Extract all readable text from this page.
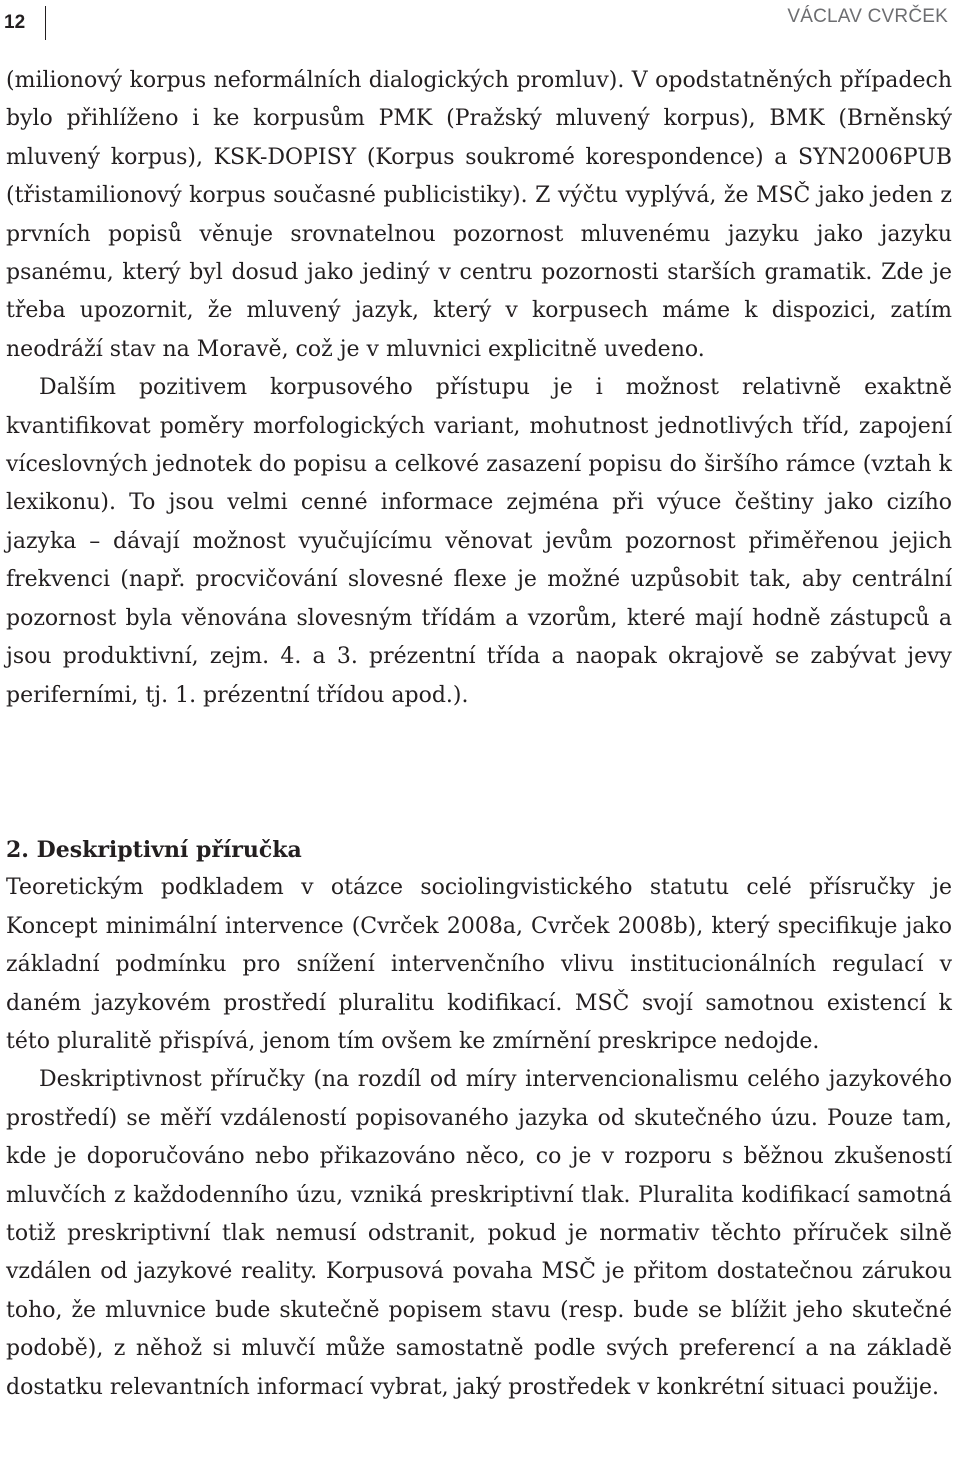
12	VÁCLAV CVRČEK

(milionový korpus neformálních dialogických promluv). V opodstatněných případech bylo přihlíženo i ke korpusům PMK (Pražský mluvený korpus), BMK (Brněnský mluvený korpus), KSK-DOPISY (Korpus soukromé korespondence) a SYN2006PUB (třistamilionový korpus současné publicistiky). Z výčtu vyplývá, že MSČ jako jeden z prvních popisů věnuje srovnatelnou pozornost mluvenému jazyku jako jazyku psanému, který byl dosud jako jediný v centru pozornosti starších gramatik. Zde je třeba upozornit, že mluvený jazyk, který v korpusech máme k dispozici, zatím neodráží stav na Moravě, což je v mluvnici explicitně uvedeno.

Dalším pozitivem korpusového přístupu je i možnost relativně exaktně kvantifikovat poměry morfologických variant, mohutnost jednotlivých tříd, zapojení víceslovných jednotek do popisu a celkové zasazení popisu do širšího rámce (vztah k lexikonu). To jsou velmi cenné informace zejména při výuce češtiny jako cizího jazyka – dávají možnost vyučujícímu věnovat jevům pozornost přiměřenou jejich frekvenci (např. procvičování slovesné flexe je možné uzpůsobit tak, aby centrální pozornost byla věnována slovesným třídám a vzorům, které mají hodně zástupců a jsou produktivní, zejm. 4. a 3. prézentní třída a naopak okrajově se zabývat jevy periferními, tj. 1. prézentní třídou apod.).

2. Deskriptivní příručka

Teoretickým podkladem v otázce sociolingvistického statutu celé přísručky je Koncept minimální intervence (Cvrček 2008a, Cvrček 2008b), který specifikuje jako základní podmínku pro snížení intervenčního vlivu institucionálních regulací v daném jazykovém prostředí pluralitu kodifikací. MSČ svojí samotnou existencí k této pluralitě přispívá, jenom tím ovšem ke zmírnění preskripce nedojde.

Deskriptivnost příručky (na rozdíl od míry intervencionalismu celého jazykového prostředí) se měří vzdáleností popisovaného jazyka od skutečného úzu. Pouze tam, kde je doporučováno nebo přikazováno něco, co je v rozporu s běžnou zkušeností mluvčích z každodenního úzu, vzniká preskriptivní tlak. Pluralita kodifikací samotná totiž preskriptivní tlak nemusí odstranit, pokud je normativ těchto příruček silně vzdálen od jazykové reality. Korpusová povaha MSČ je přitom dostatečnou zárukou toho, že mluvnice bude skutečně popisem stavu (resp. bude se blížit jeho skutečné podobě), z něhož si mluvčí může samostatně podle svých preferencí a na základě dostatku relevantních informací vybrat, jaký prostředek v konkrétní situaci použije.
